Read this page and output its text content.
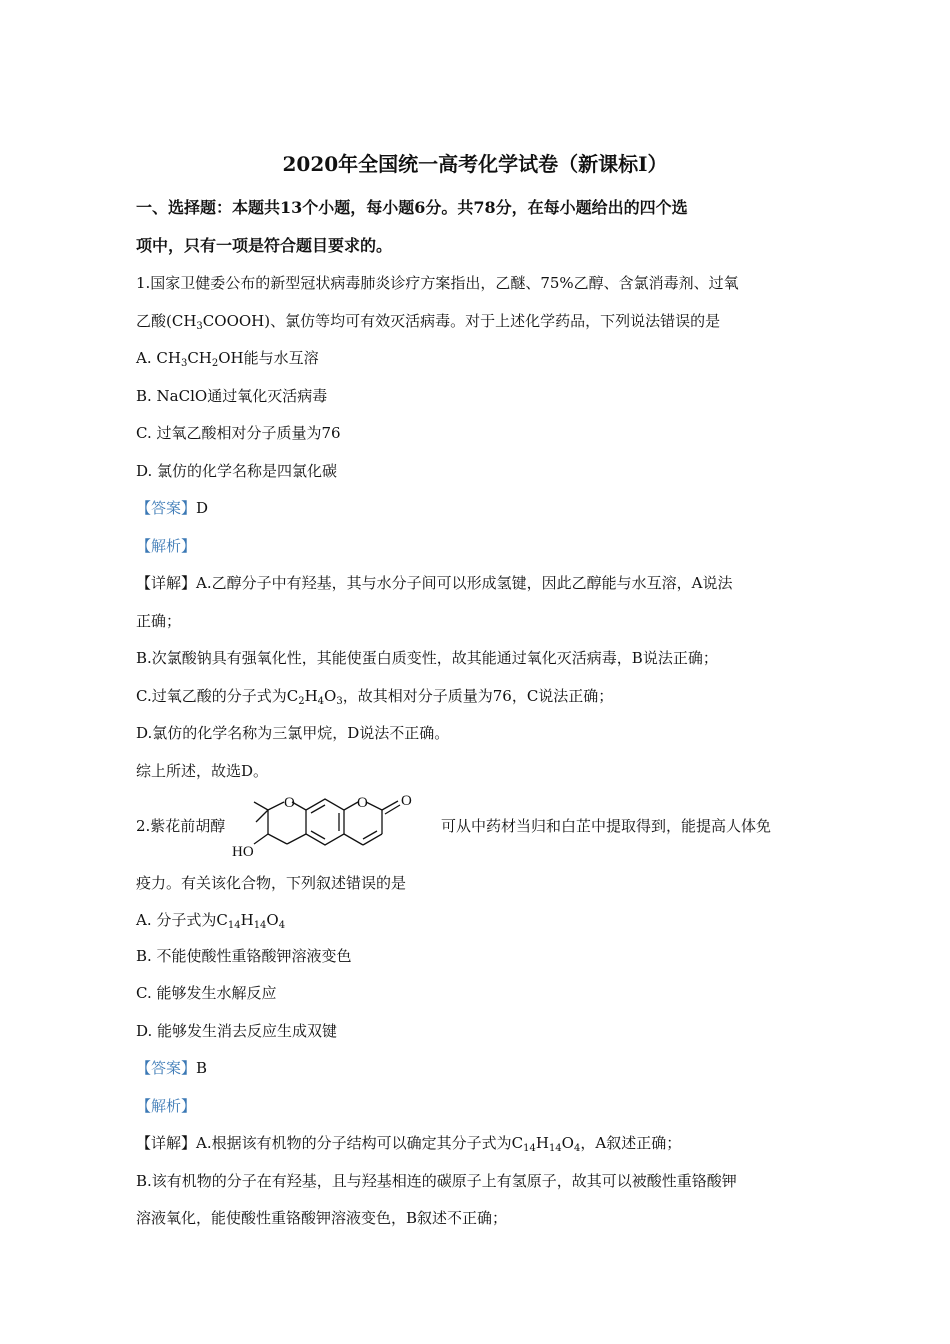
2020年全国统一高考化学试卷（新课标I）
一、选择题：本题共13个小题，每小题6分。共78分，在每小题给出的四个选
项中，只有一项是符合题目要求的。
1.国家卫健委公布的新型冠状病毒肺炎诊疗方案指出，乙醚、75%乙醇、含氯消毒剂、过氧
乙酸$(CH_3COOOH)$、氯仿等均可有效灭活病毒。对于上述化学药品，下列说法错误的是
A. $CH_3CH_2OH$能与水互溶
B. NaClO通过氧化灭活病毒
C. 过氧乙酸相对分子质量为76
D. 氯仿的化学名称是四氯化碳
【答案】D
【解析】
【详解】A.乙醇分子中有羟基，其与水分子间可以形成氢键，因此乙醇能与水互溶，A说法
正确；
B.次氯酸钠具有强氧化性，其能使蛋白质变性，故其能通过氧化灭活病毒，B说法正确；
C.过氧乙酸的分子式为$C_2H_4O_3$，故其相对分子质量为76，C说法正确；
D.氯仿的化学名称为三氯甲烷，D说法不正确。
综上所述，故选D。
2.紫花前胡醇
O	O O
HO
可从中药材当归和白芷中提取得到，能提高人体免
疫力。有关该化合物，下列叙述错误的是
A. 分子式为$C_{14}H_{14}O_4$
B. 不能使酸性重铬酸钾溶液变色
C. 能够发生水解反应
D. 能够发生消去反应生成双键
【答案】B
【解析】
【详解】A.根据该有机物的分子结构可以确定其分子式为$C_{14}H_{14}O_4$，A叙述正确；
B.该有机物的分子在有羟基，且与羟基相连的碳原子上有氢原子，故其可以被酸性重铬酸钾
溶液氧化，能使酸性重铬酸钾溶液变色，B叙述不正确；
